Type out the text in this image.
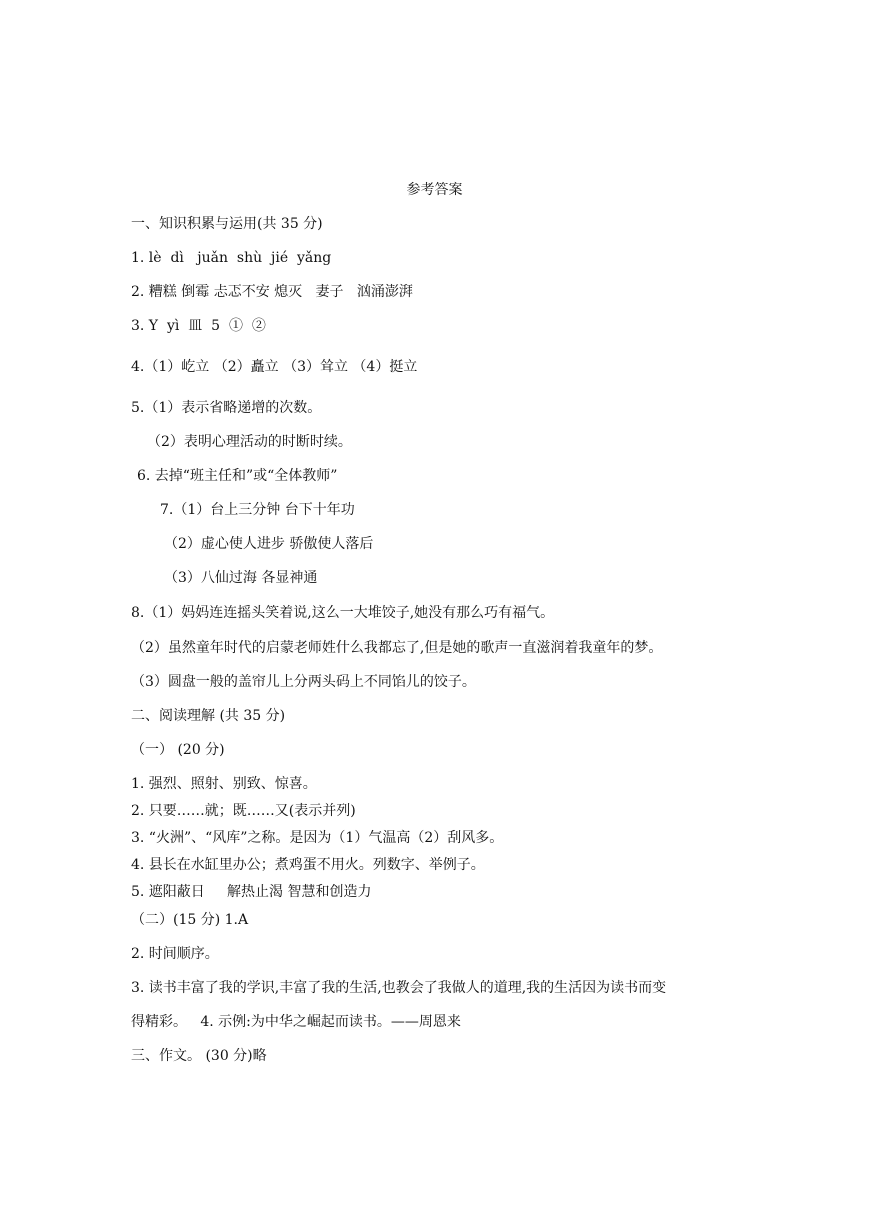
参考答案
一、知识积累与运用(共 35 分)
1. lè  dì   juǎn  shù  jié  yǎng
2. 糟糕 倒霉 忐忑不安 熄灭   妻子   汹涌澎湃
3. Y  yì  皿  5  ①  ②
4.（1）屹立 （2）矗立 （3）耸立 （4）挺立
5.（1）表示省略递增的次数。
（2）表明心理活动的时断时续。
6. 去掉“班主任和”或“全体教师”
7.（1）台上三分钟 台下十年功
（2）虚心使人进步 骄傲使人落后
（3）八仙过海 各显神通
8.（1）妈妈连连摇头笑着说,这么一大堆饺子,她没有那么巧有福气。
（2）虽然童年时代的启蒙老师姓什么我都忘了,但是她的歌声一直滋润着我童年的梦。
（3）圆盘一般的盖帘儿上分两头码上不同馅儿的饺子。
二、阅读理解 (共 35 分)
（一） (20 分)
1. 强烈、照射、别致、惊喜。
2. 只要……就；既……又(表示并列)
3. “火洲”、“风库”之称。是因为（1）气温高（2）刮风多。
4. 县长在水缸里办公；煮鸡蛋不用火。列数字、举例子。
5. 遮阳蔽日     解热止渴 智慧和创造力
（二）(15 分) 1.A
2. 时间顺序。
3. 读书丰富了我的学识,丰富了我的生活,也教会了我做人的道理,我的生活因为读书而变
得精彩。   4. 示例:为中华之崛起而读书。——周恩来
三、作文。 (30 分)略
